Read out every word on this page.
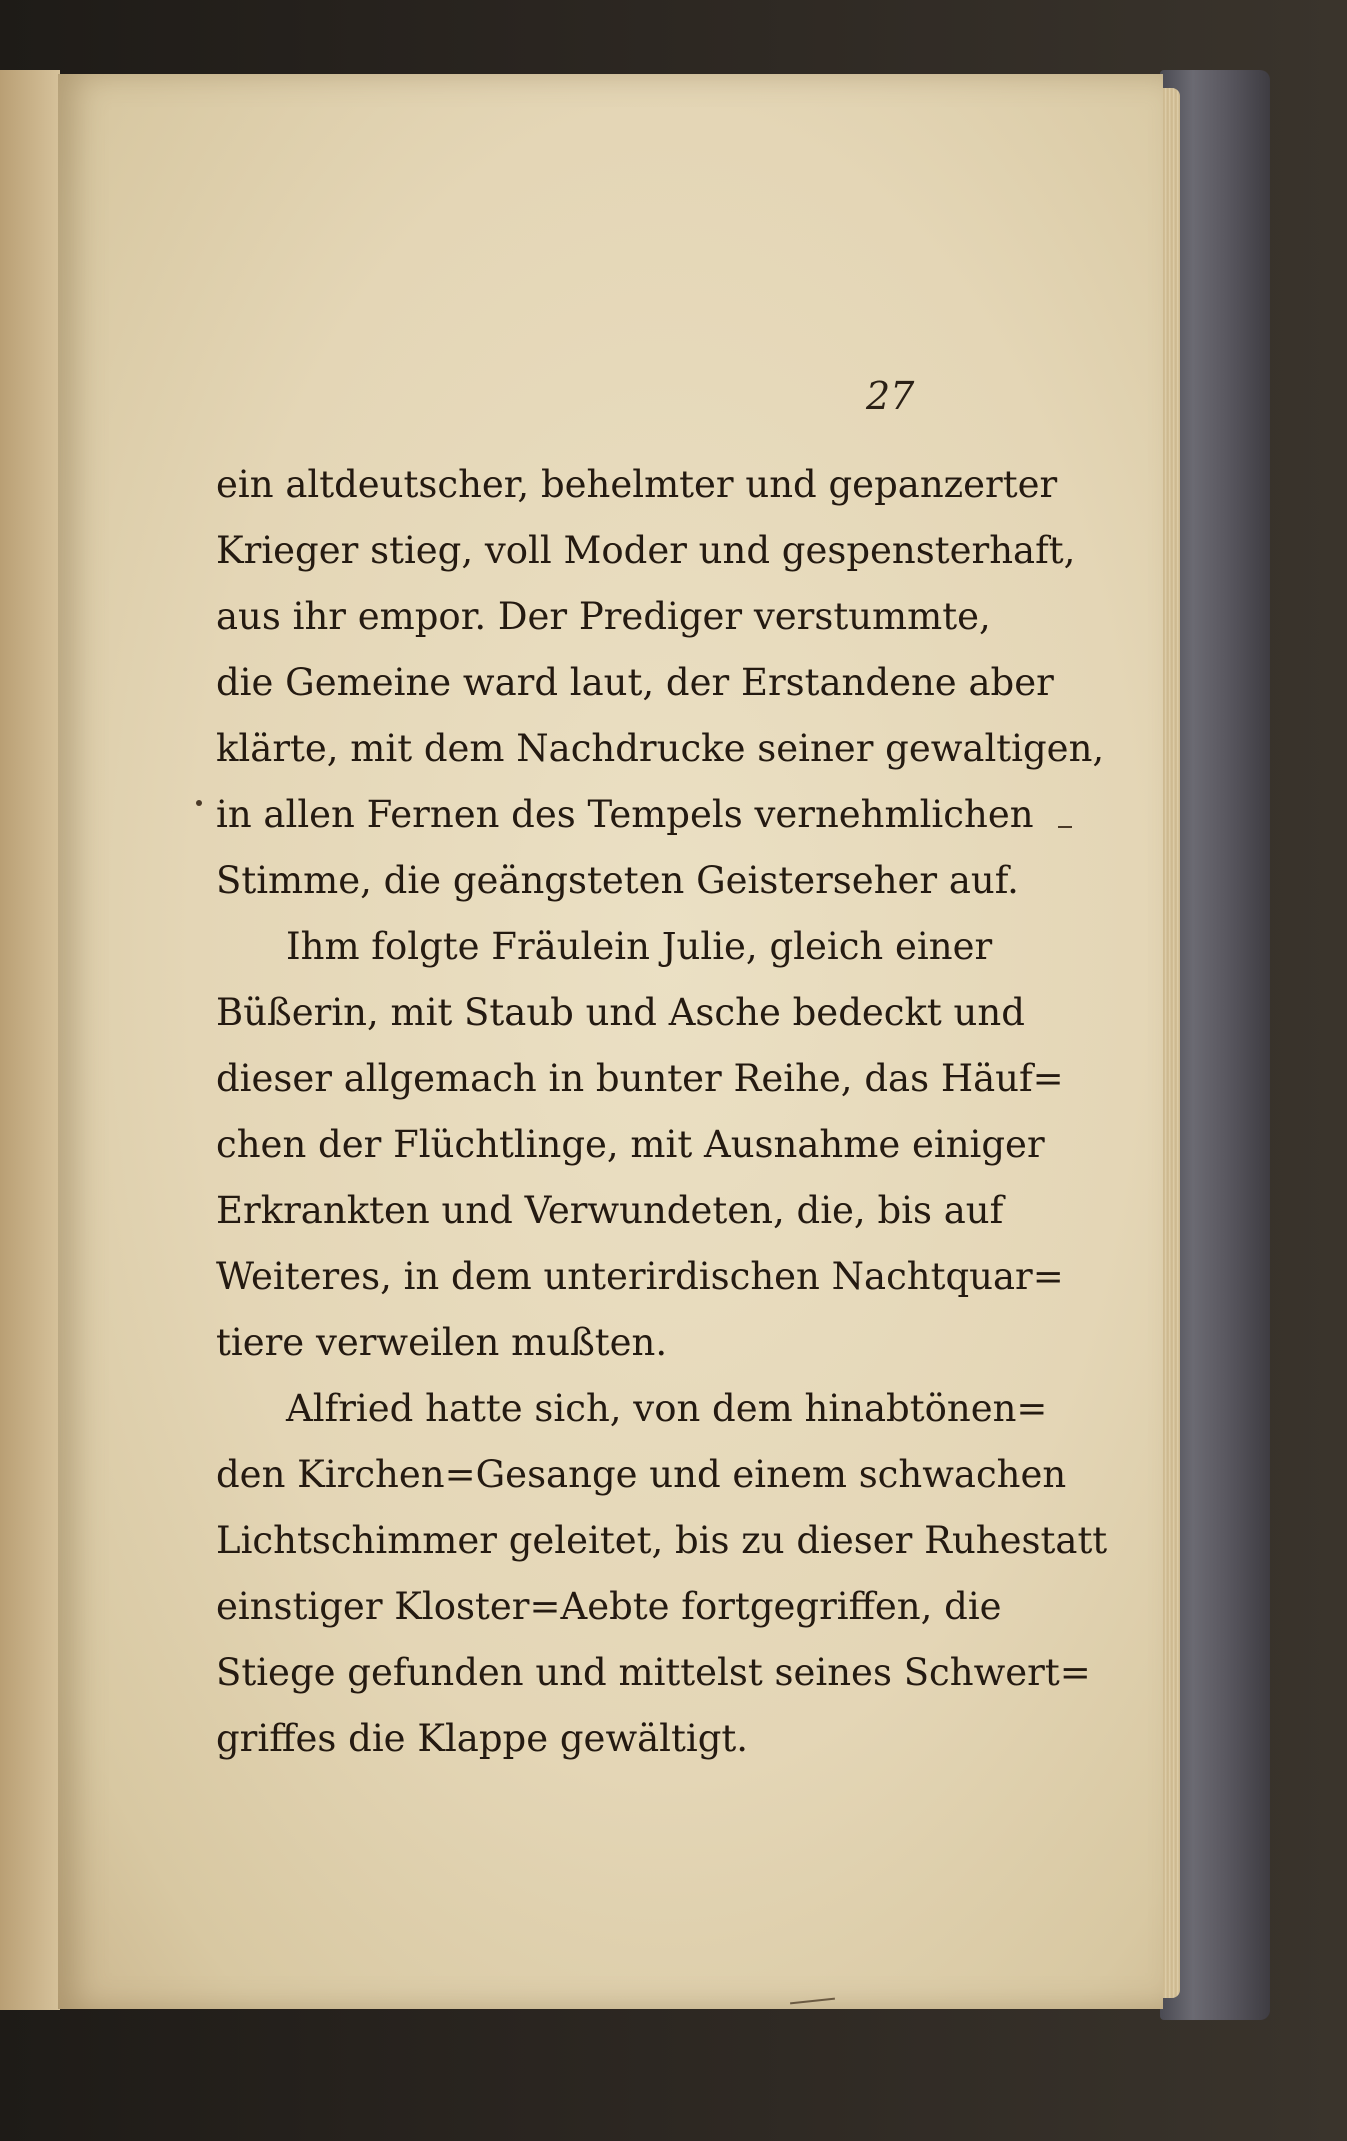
27
ein altdeutscher, behelmter und gepanzerter
Krieger stieg, voll Moder und gespensterhaft,
aus ihr empor. Der Prediger verstummte,
die Gemeine ward laut, der Erstandene aber
klärte, mit dem Nachdrucke seiner gewaltigen,
in allen Fernen des Tempels vernehmlichen
Stimme, die geängsteten Geisterseher auf.
Ihm folgte Fräulein Julie, gleich einer
Büßerin, mit Staub und Asche bedeckt und
dieser allgemach in bunter Reihe, das Häuf=
chen der Flüchtlinge, mit Ausnahme einiger
Erkrankten und Verwundeten, die, bis auf
Weiteres, in dem unterirdischen Nachtquar=
tiere verweilen mußten.
Alfried hatte sich, von dem hinabtönen=
den Kirchen=Gesange und einem schwachen
Lichtschimmer geleitet, bis zu dieser Ruhestatt
einstiger Kloster=Aebte fortgegriffen, die
Stiege gefunden und mittelst seines Schwert=
griffes die Klappe gewältigt.
